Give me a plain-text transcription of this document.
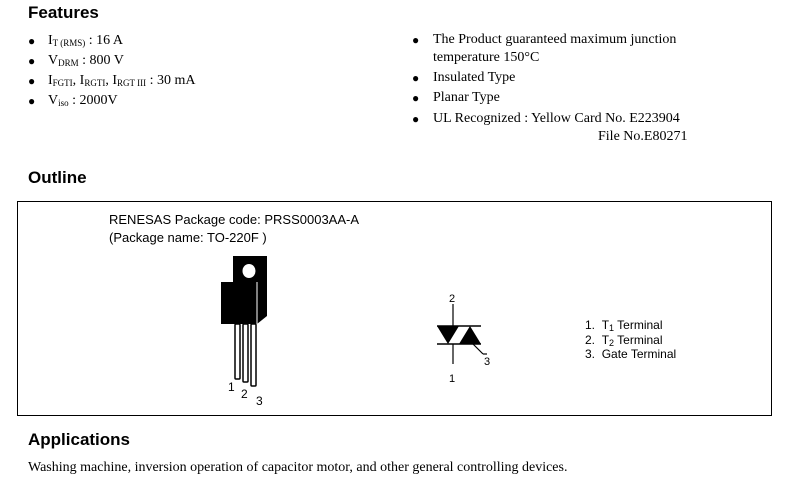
Features
● $I_{T (RMS)}$ : 16 A
● $V_{DRM}$ : 800 V
● $I_{FGTI}$, $I_{RGTI}$, $I_{RGT III}$ : 30 mA
● $V_{iso}$ : 2000V
● The Product guaranteed maximum junction
temperature 150°C
● Insulated Type
● Planar Type
● UL Recognized : Yellow Card No. E223904
File No.E80271
Outline
RENESAS Package code: PRSS0003AA-A
(Package name: TO-220F )
1 2 3
2
3
1
1. $T_1$ Terminal
2. $T_2$ Terminal
3. Gate Terminal
Applications
Washing machine, inversion operation of capacitor motor, and other general controlling devices.
